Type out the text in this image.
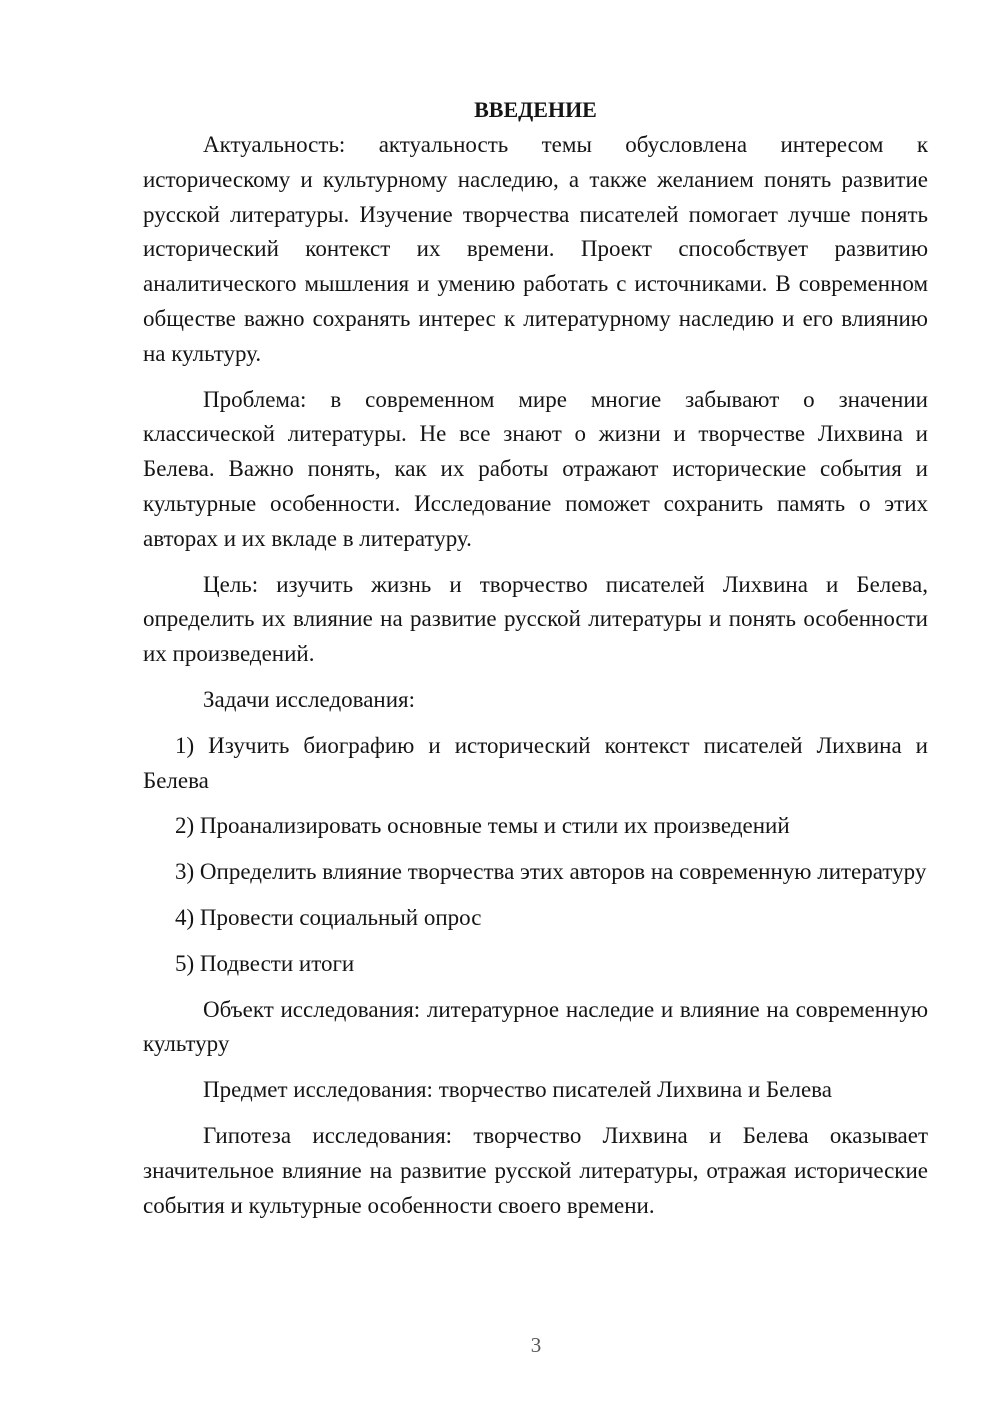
ВВЕДЕНИЕ

Актуальность: актуальность темы обусловлена интересом к историческому и культурному наследию, а также желанием понять развитие русской литературы. Изучение творчества писателей помогает лучше понять исторический контекст их времени. Проект способствует развитию аналитического мышления и умению работать с источниками. В современном обществе важно сохранять интерес к литературному наследию и его влиянию на культуру.

Проблема: в современном мире многие забывают о значении классической литературы. Не все знают о жизни и творчестве Лихвина и Белева. Важно понять, как их работы отражают исторические события и культурные особенности. Исследование поможет сохранить память о этих авторах и их вкладе в литературу.

Цель: изучить жизнь и творчество писателей Лихвина и Белева, определить их влияние на развитие русской литературы и понять особенности их произведений.

Задачи исследования:

1) Изучить биографию и исторический контекст писателей Лихвина и Белева

2) Проанализировать основные темы и стили их произведений

3) Определить влияние творчества этих авторов на современную литературу

4) Провести социальный опрос

5) Подвести итоги

Объект исследования: литературное наследие и влияние на современную культуру

Предмет исследования: творчество писателей Лихвина и Белева

Гипотеза исследования: творчество Лихвина и Белева оказывает значительное влияние на развитие русской литературы, отражая исторические события и культурные особенности своего времени.

3
